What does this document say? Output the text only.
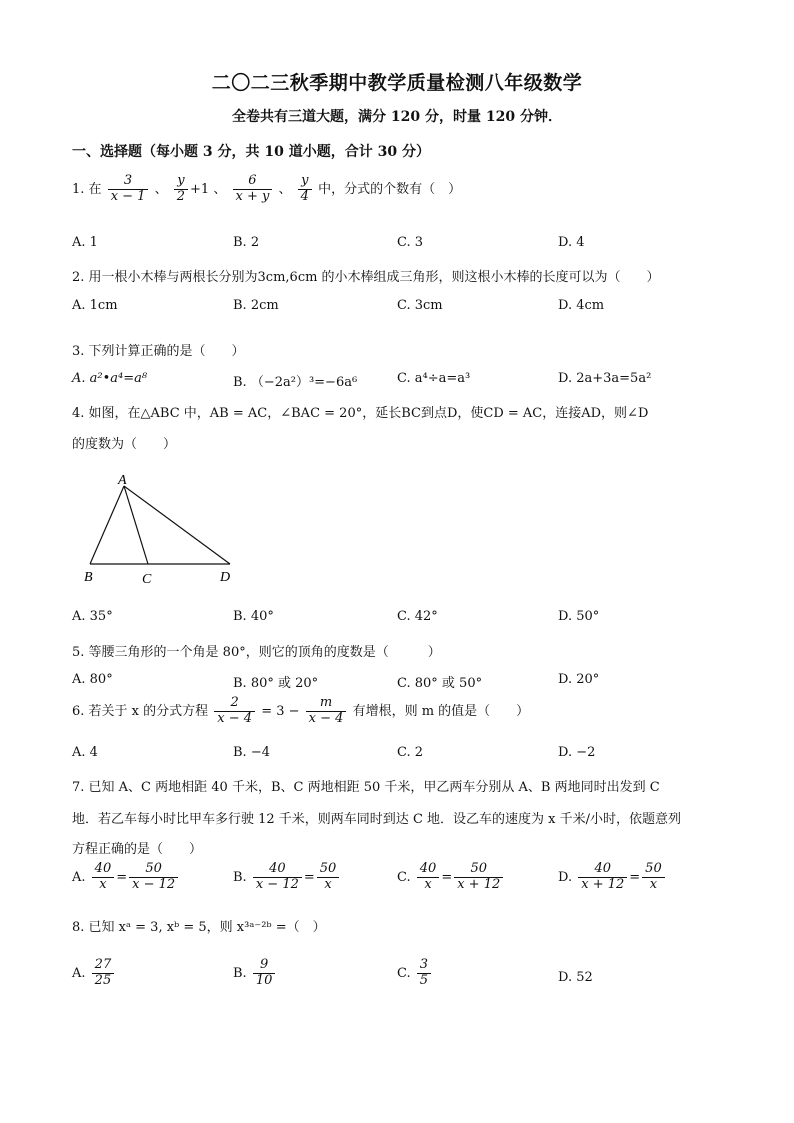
二〇二三秋季期中教学质量检测八年级数学
全卷共有三道大题，满分 120 分，时量 120 分钟．
一、选择题（每小题 3 分，共 10 道小题，合计 30 分）
1. 在 $\frac{3}{x - 1}$ 、 $\frac{y}{2} +1$ 、 $\frac{6}{x + y}$ 、 $\frac{y}{4}$ 中，分式的个数有（　）
A. 1	B. 2	C. 3	D. 4
2. 用一根小木棒与两根长分别为3cm,6cm 的小木棒组成三角形，则这根小木棒的长度可以为（　　）
A. 1cm	B. 2cm	C. 3cm	D. 4cm
3. 下列计算正确的是（　　）
A. a²•a⁴=a⁸	B. （−2a²）³=−6a⁶	C. a⁴÷a=a³	D. 2a+3a=5a²
4. 如图，在△ABC 中，AB = AC，∠BAC = 20°，延长BC到点D，使CD = AC，连接AD，则∠D
的度数为（　　）
A
B	C	D
A. 35°	B. 40°	C. 42°	D. 50°
5. 等腰三角形的一个角是 80°，则它的顶角的度数是（　　　）
A. 80°	B. 80° 或 20°	C. 80° 或 50°	D. 20°
6. 若关于 x 的分式方程 $\frac{2}{x - 4} = 3 - \frac{m}{x - 4}$ 有增根，则 m 的值是（　　）
A. 4	B. −4	C. 2	D. −2
7. 已知 A、C 两地相距 40 千米，B、C 两地相距 50 千米，甲乙两车分别从 A、B 两地同时出发到 C
地．若乙车每小时比甲车多行驶 12 千米，则两车同时到达 C 地．设乙车的速度为 x 千米/小时，依题意列
方程正确的是（　　）
A. $\frac{40}{x} = \frac{50}{x - 12}$	B. $\frac{40}{x - 12} = \frac{50}{x}$	C. $\frac{40}{x} = \frac{50}{x + 12}$	D. $\frac{40}{x + 12} = \frac{50}{x}$
8. 已知 xᵃ = 3, xᵇ = 5，则 x³ᵃ⁻²ᵇ =（　）
A. $\frac{27}{25}$	B. $\frac{9}{10}$	C. $\frac{3}{5}$	D. 52
